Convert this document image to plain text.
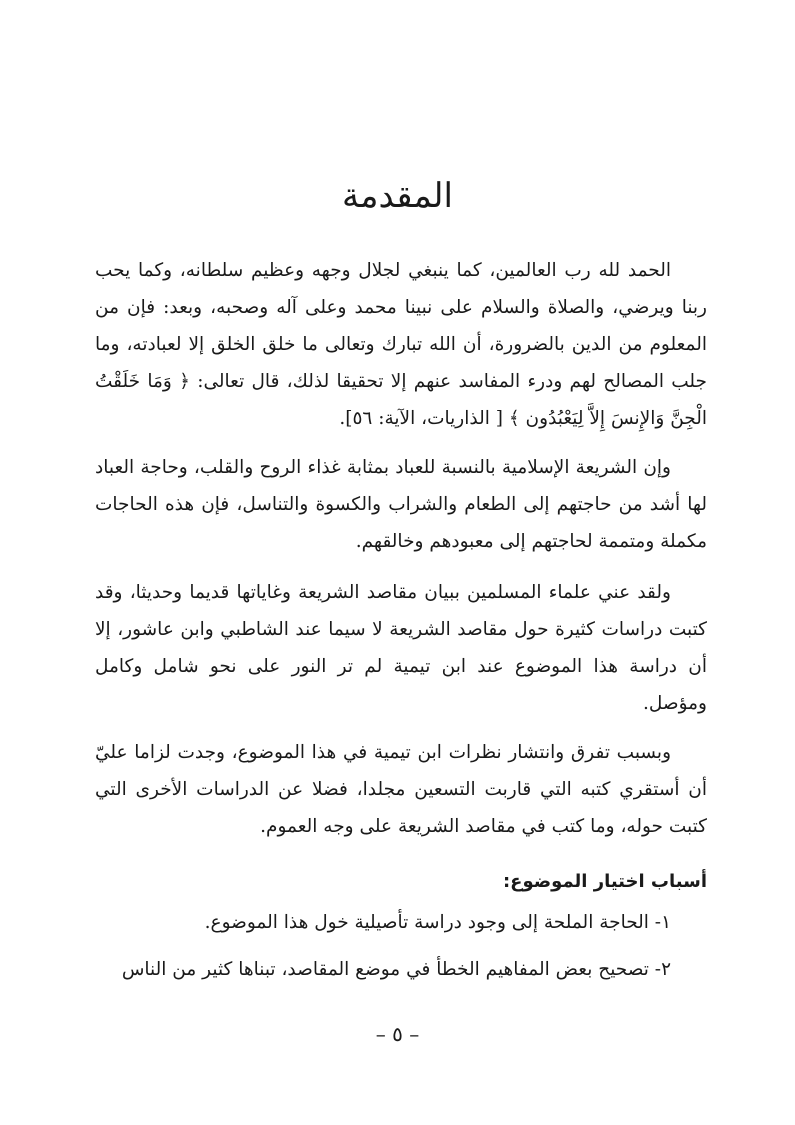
المقدمة

الحمد لله رب العالمين، كما ينبغي لجلال وجهه وعظيم سلطانه، وكما يحب ربنا ويرضي، والصلاة والسلام على نبينا محمد وعلى آله وصحبه، وبعد: فإن من المعلوم من الدين بالضرورة، أن الله تبارك وتعالى ما خلق الخلق إلا لعبادته، وما جلب المصالح لهم ودرء المفاسد عنهم إلا تحقيقا لذلك، قال تعالى: ﴿ وَمَا خَلَقْتُ الْجِنَّ وَالإِنسَ إِلاَّ لِيَعْبُدُون ﴾ [ الذاريات، الآية: ٥٦].

وإن الشريعة الإسلامية بالنسبة للعباد بمثابة غذاء الروح والقلب، وحاجة العباد لها أشد من حاجتهم إلى الطعام والشراب والكسوة والتناسل، فإن هذه الحاجات مكملة ومتممة لحاجتهم إلى معبودهم وخالقهم.

ولقد عني علماء المسلمين ببيان مقاصد الشريعة وغاياتها قديما وحديثا، وقد كتبت دراسات كثيرة حول مقاصد الشريعة لا سيما عند الشاطبي وابن عاشور، إلا أن دراسة هذا الموضوع عند ابن تيمية لم تر النور على نحو شامل وكامل ومؤصل.

وبسبب تفرق وانتشار نظرات ابن تيمية في هذا الموضوع، وجدت لزاما عليّ أن أستقري كتبه التي قاربت التسعين مجلدا، فضلا عن الدراسات الأخرى التي كتبت حوله، وما كتب في مقاصد الشريعة على وجه العموم.

أسباب اختيار الموضوع:

١- الحاجة الملحة إلى وجود دراسة تأصيلية خول هذا الموضوع.

٢- تصحيح بعض المفاهيم الخطأ في موضع المقاصد، تبناها كثير من الناس

– ٥ –
